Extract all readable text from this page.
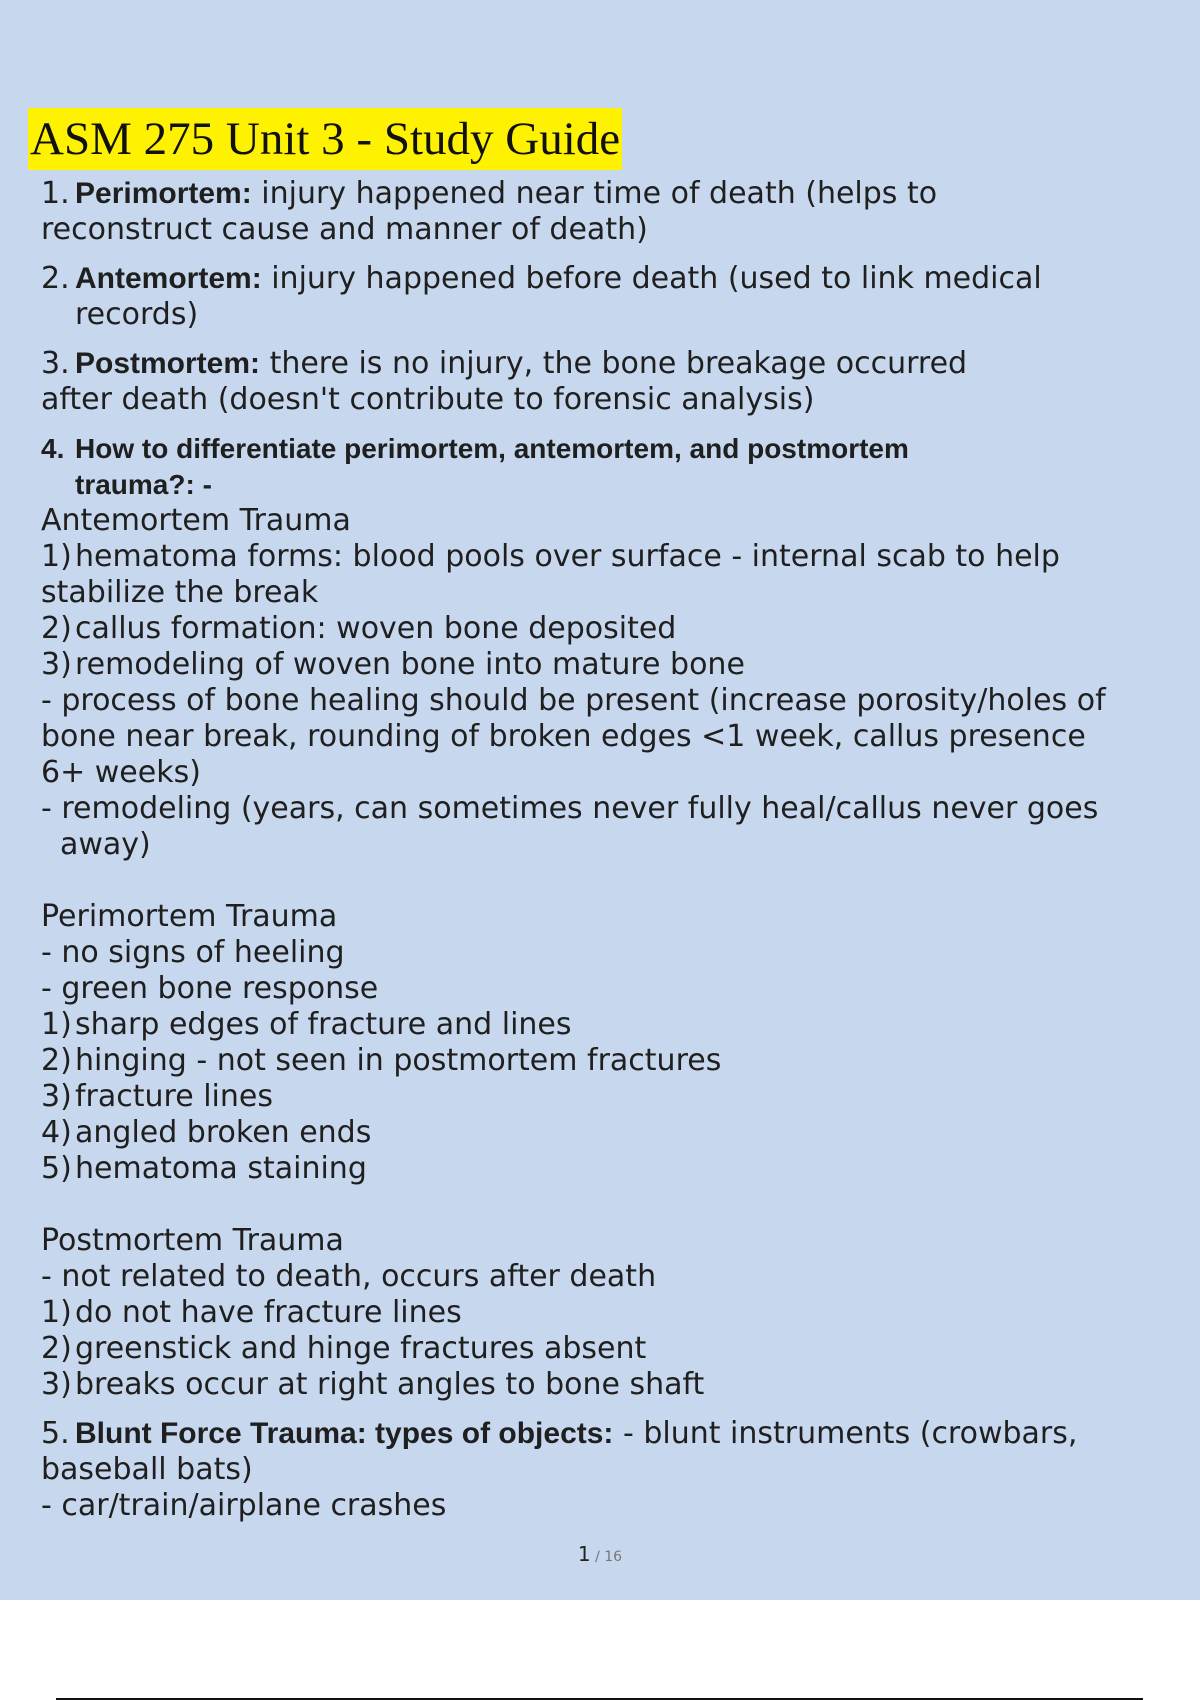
ASM 275 Unit 3 - Study Guide
1. Perimortem: injury happened near time of death (helps to
reconstruct cause and manner of death)
2. Antemortem: injury happened before death (used to link medical
records)
3. Postmortem: there is no injury, the bone breakage occurred
after death (doesn't contribute to forensic analysis)
4. How to differentiate perimortem, antemortem, and postmortem
trauma?: -
Antemortem Trauma
1) hematoma forms: blood pools over surface - internal scab to help
stabilize the break
2) callus formation: woven bone deposited
3) remodeling of woven bone into mature bone
- process of bone healing should be present (increase porosity/holes of
bone near break, rounding of broken edges <1 week, callus presence
6+ weeks)
- remodeling (years, can sometimes never fully heal/callus never goes
away)
Perimortem Trauma
- no signs of heeling
- green bone response
1) sharp edges of fracture and lines
2) hinging - not seen in postmortem fractures
3) fracture lines
4) angled broken ends
5) hematoma staining
Postmortem Trauma
- not related to death, occurs after death
1) do not have fracture lines
2) greenstick and hinge fractures absent
3) breaks occur at right angles to bone shaft
5. Blunt Force Trauma: types of objects: - blunt instruments (crowbars,
baseball bats)
- car/train/airplane crashes
1 / 16
